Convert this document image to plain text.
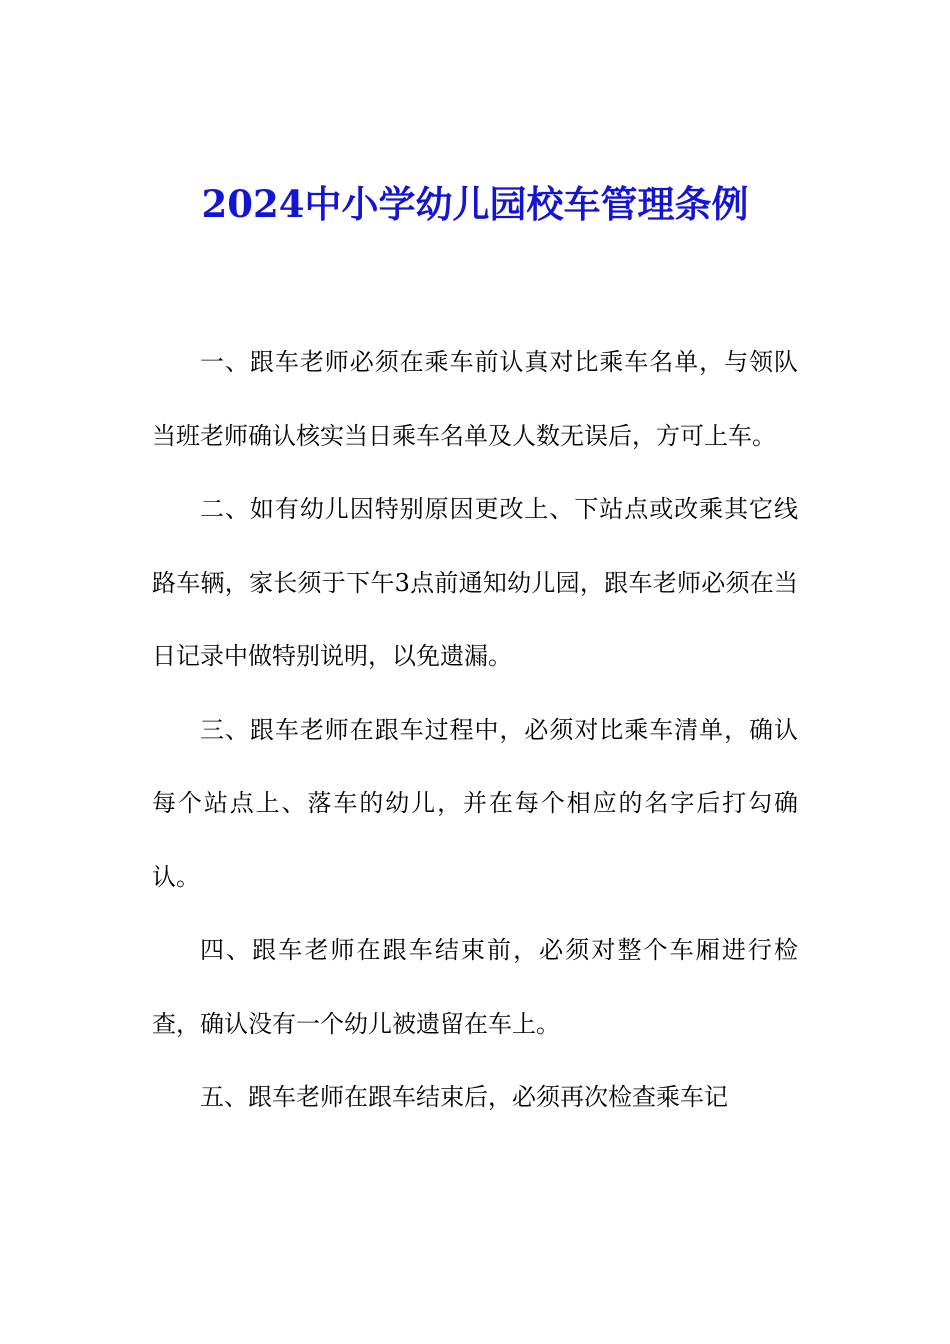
2024中小学幼儿园校车管理条例

一、跟车老师必须在乘车前认真对比乘车名单，与领队当班老师确认核实当日乘车名单及人数无误后，方可上车。

二、如有幼儿因特别原因更改上、下站点或改乘其它线路车辆，家长须于下午3点前通知幼儿园，跟车老师必须在当日记录中做特别说明，以免遗漏。

三、跟车老师在跟车过程中，必须对比乘车清单，确认每个站点上、落车的幼儿，并在每个相应的名字后打勾确认。

四、跟车老师在跟车结束前，必须对整个车厢进行检查，确认没有一个幼儿被遗留在车上。

五、跟车老师在跟车结束后，必须再次检查乘车记
